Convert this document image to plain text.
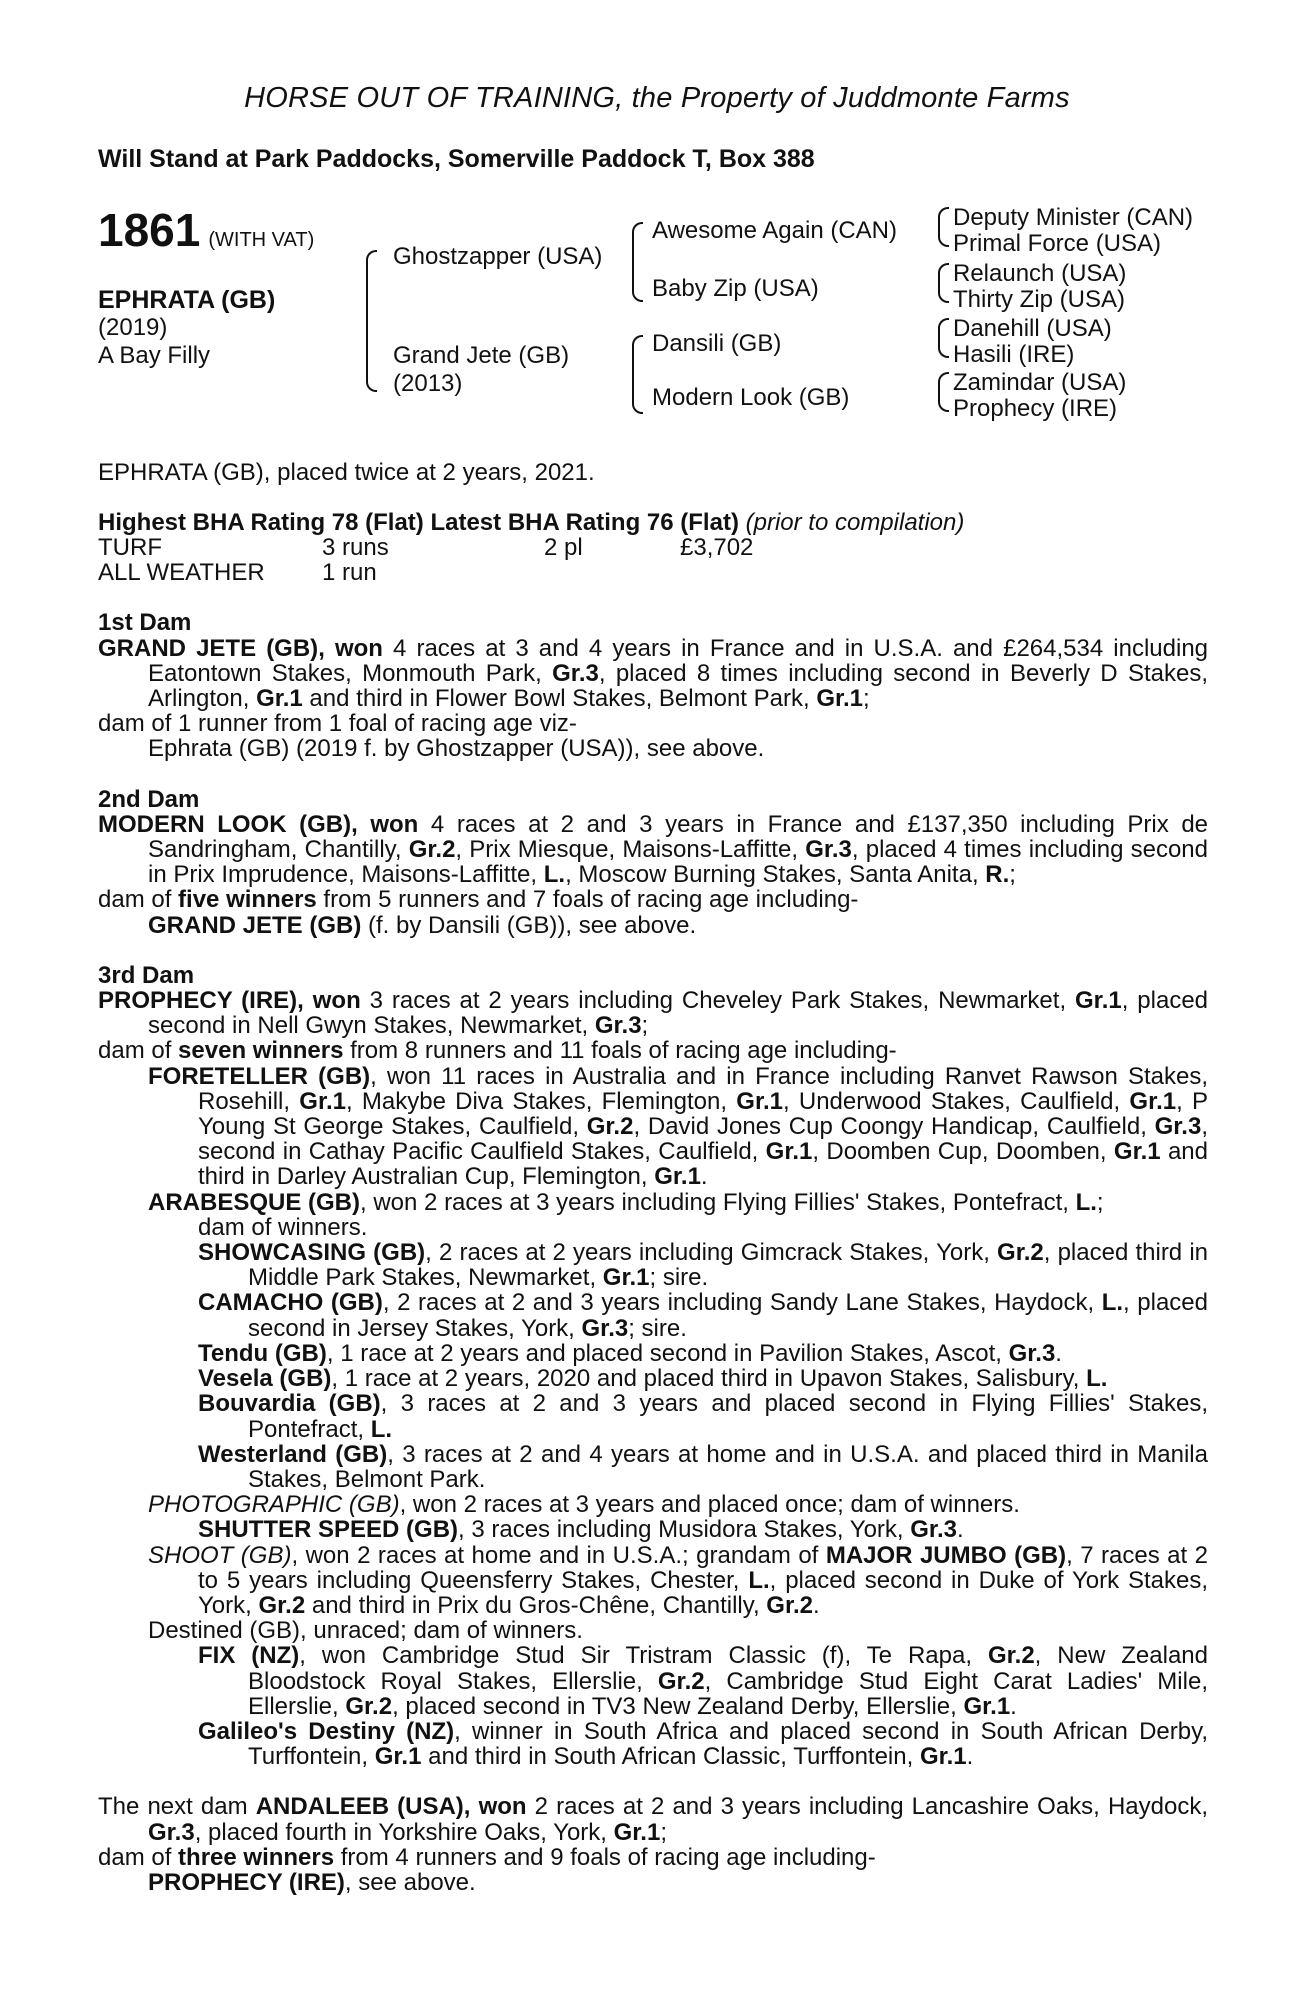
HORSE OUT OF TRAINING, the Property of Juddmonte Farms
Will Stand at Park Paddocks, Somerville Paddock T, Box 388
1861 (WITH VAT)
EPHRATA (GB)
(2019)
A Bay Filly
Ghostzapper (USA)
Grand Jete (GB)
(2013)
Awesome Again (CAN)
Baby Zip (USA)
Dansili (GB)
Modern Look (GB)
Deputy Minister (CAN)
Primal Force (USA)
Relaunch (USA)
Thirty Zip (USA)
Danehill (USA)
Hasili (IRE)
Zamindar (USA)
Prophecy (IRE)

EPHRATA (GB), placed twice at 2 years, 2021.

Highest BHA Rating 78 (Flat) Latest BHA Rating 76 (Flat) (prior to compilation)

TURF	3 runs	2 pl	£3,702
ALL WEATHER	1 run		

1st Dam

GRAND JETE (GB), won 4 races at 3 and 4 years in France and in U.S.A. and £264,534 including Eatontown Stakes, Monmouth Park, Gr.3, placed 8 times including second in Beverly D Stakes, Arlington, Gr.1 and third in Flower Bowl Stakes, Belmont Park, Gr.1;

dam of 1 runner from 1 foal of racing age viz-

Ephrata (GB) (2019 f. by Ghostzapper (USA)), see above.

2nd Dam

MODERN LOOK (GB), won 4 races at 2 and 3 years in France and £137,350 including Prix de Sandringham, Chantilly, Gr.2, Prix Miesque, Maisons-Laffitte, Gr.3, placed 4 times including second in Prix Imprudence, Maisons-Laffitte, L., Moscow Burning Stakes, Santa Anita, R.;

dam of five winners from 5 runners and 7 foals of racing age including-

GRAND JETE (GB) (f. by Dansili (GB)), see above.

3rd Dam

PROPHECY (IRE), won 3 races at 2 years including Cheveley Park Stakes, Newmarket, Gr.1, placed second in Nell Gwyn Stakes, Newmarket, Gr.3;

dam of seven winners from 8 runners and 11 foals of racing age including-

FORETELLER (GB), won 11 races in Australia and in France including Ranvet Rawson Stakes, Rosehill, Gr.1, Makybe Diva Stakes, Flemington, Gr.1, Underwood Stakes, Caulfield, Gr.1, P Young St George Stakes, Caulfield, Gr.2, David Jones Cup Coongy Handicap, Caulfield, Gr.3, second in Cathay Pacific Caulfield Stakes, Caulfield, Gr.1, Doomben Cup, Doomben, Gr.1 and third in Darley Australian Cup, Flemington, Gr.1.

ARABESQUE (GB), won 2 races at 3 years including Flying Fillies' Stakes, Pontefract, L.;

dam of winners.

SHOWCASING (GB), 2 races at 2 years including Gimcrack Stakes, York, Gr.2, placed third in Middle Park Stakes, Newmarket, Gr.1; sire.

CAMACHO (GB), 2 races at 2 and 3 years including Sandy Lane Stakes, Haydock, L., placed second in Jersey Stakes, York, Gr.3; sire.

Tendu (GB), 1 race at 2 years and placed second in Pavilion Stakes, Ascot, Gr.3.

Vesela (GB), 1 race at 2 years, 2020 and placed third in Upavon Stakes, Salisbury, L.

Bouvardia (GB), 3 races at 2 and 3 years and placed second in Flying Fillies' Stakes, Pontefract, L.

Westerland (GB), 3 races at 2 and 4 years at home and in U.S.A. and placed third in Manila Stakes, Belmont Park.

PHOTOGRAPHIC (GB), won 2 races at 3 years and placed once; dam of winners.

SHUTTER SPEED (GB), 3 races including Musidora Stakes, York, Gr.3.

SHOOT (GB), won 2 races at home and in U.S.A.; grandam of MAJOR JUMBO (GB), 7 races at 2 to 5 years including Queensferry Stakes, Chester, L., placed second in Duke of York Stakes, York, Gr.2 and third in Prix du Gros-Chêne, Chantilly, Gr.2.

Destined (GB), unraced; dam of winners.

FIX (NZ), won Cambridge Stud Sir Tristram Classic (f), Te Rapa, Gr.2, New Zealand Bloodstock Royal Stakes, Ellerslie, Gr.2, Cambridge Stud Eight Carat Ladies' Mile, Ellerslie, Gr.2, placed second in TV3 New Zealand Derby, Ellerslie, Gr.1.

Galileo's Destiny (NZ), winner in South Africa and placed second in South African Derby, Turffontein, Gr.1 and third in South African Classic, Turffontein, Gr.1.

The next dam ANDALEEB (USA), won 2 races at 2 and 3 years including Lancashire Oaks, Haydock, Gr.3, placed fourth in Yorkshire Oaks, York, Gr.1;

dam of three winners from 4 runners and 9 foals of racing age including-

PROPHECY (IRE), see above.
